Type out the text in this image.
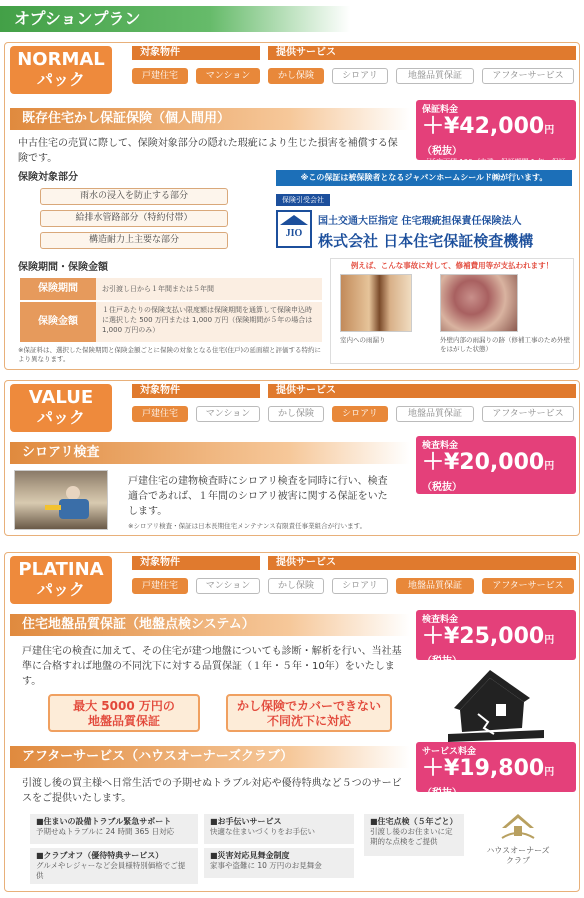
オプションプラン
NORMAL
パック
対象物件	提供サービス
戸建住宅	マンション	かし保険	シロアリ	地盤品質保証	アフターサービス
既存住宅かし保証保険（個人間用）
保証料金
＋¥42,000円（税抜）
［延床面積 100㎡未満・保証期間 1 年・保証
中古住宅の売買に際して、保険対象部分の隠れた瑕疵により生じた損害を補償する保険です。
保険対象部分
雨水の浸入を防止する部分
給排水管路部分（特約付帯）
構造耐力上主要な部分
保険期間・保険金額
保険期間	お引渡し日から１年間または５年間
保険金額
１住戸あたりの保険支払い限度額は保険期間を通算して保険申込時に選択した 500 万円または 1,000 万円（保険期間が５年の場合は 1,000 万円のみ）
※保証料は、選択した保険期間と保険金額ごとに保険の対象となる住宅(住戸)の延面積と評価する特約により異なります。
※この保証は被保険者となるジャパンホームシールド㈱が行います。
保険引受会社
JIO
国土交通大臣指定 住宅瑕疵担保責任保険法人
株式会社 日本住宅保証検査機構
例えば、こんな事故に対して、修補費用等が支払われます！
室内への雨漏り	外壁内部の雨漏りの跡（修補工事のため外壁をはがした状態）
VALUE
パック
対象物件	提供サービス
戸建住宅	マンション	かし保険	シロアリ	地盤品質保証	アフターサービス
シロアリ検査	検査料金
＋¥20,000円（税抜）
［一部料金が異なるエリア、提供出来ないエリアがあります］
戸建住宅の建物検査時にシロアリ検査を同時に行い、検査適合であれば、１年間のシロアリ被害に関する保証をいたします。
※シロアリ検査・保証は日本長期住宅メンテナンス有限責任事業組合が行います。
PLATINA
パック
対象物件	提供サービス
戸建住宅	マンション	かし保険	シロアリ	地盤品質保証	アフターサービス
住宅地盤品質保証（地盤点検システム）	検査料金
＋¥25,000円（税抜）
［品質保証期間 1 年の場合］
戸建住宅の検査に加えて、その住宅が建つ地盤についても診断・解析を行い、当社基準に合格すれば地盤の不同沈下に対する品質保証（１年・５年・10年）をいたします。
最大 5000 万円の
地盤品質保証
かし保険でカバーできない
不同沈下に対応
アフターサービス（ハウスオーナーズクラブ）	サービス料金
＋¥19,800円（税抜）
［期間１年の場合］
引渡し後の買主様へ日常生活での予期せぬトラブル対応や優待特典など５つのサービスをご提供いたします。
■住まいの設備トラブル緊急サポート
予期せぬトラブルに 24 時間 365 日対応
■お手伝いサービス
快適な住まいづくりをお手伝い
■住宅点検（５年ごと）
引渡し後のお住まいに定期的な点検をご提供
■クラブオフ（優待特典サービス）
グルメやレジャーなど会員様特別価格でご提供
■災害対応見舞金制度
家事や盗難に 10 万円のお見舞金
ハウスオーナーズ
クラブ
